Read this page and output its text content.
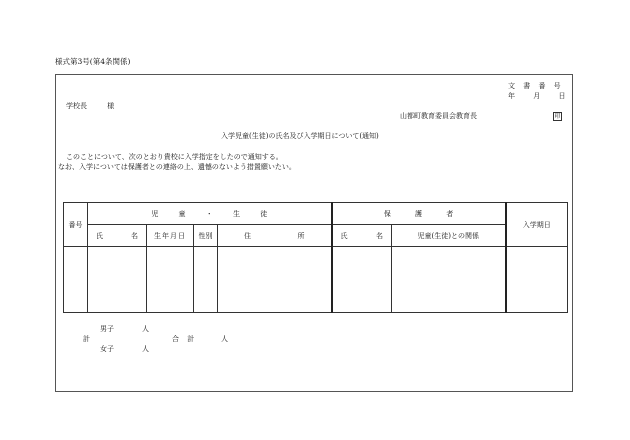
様式第3号(第4条関係)
文 書 番 号
年 月 日
学校長 様
山都町教育委員会教育長	印
入学児童(生徒)の氏名及び入学期日について(通知)
このことについて、次のとおり貴校に入学指定をしたので通知する。
なお、入学については保護者との連絡の上、遺憾のないよう措置願いたい。
番号	児 童 ・ 生 徒				保 護 者		入学期日

	氏 名	生年月日	性別	住 所	氏 名	児童(生徒)との関係	

男子	人
計	合 計	人
女子	人
